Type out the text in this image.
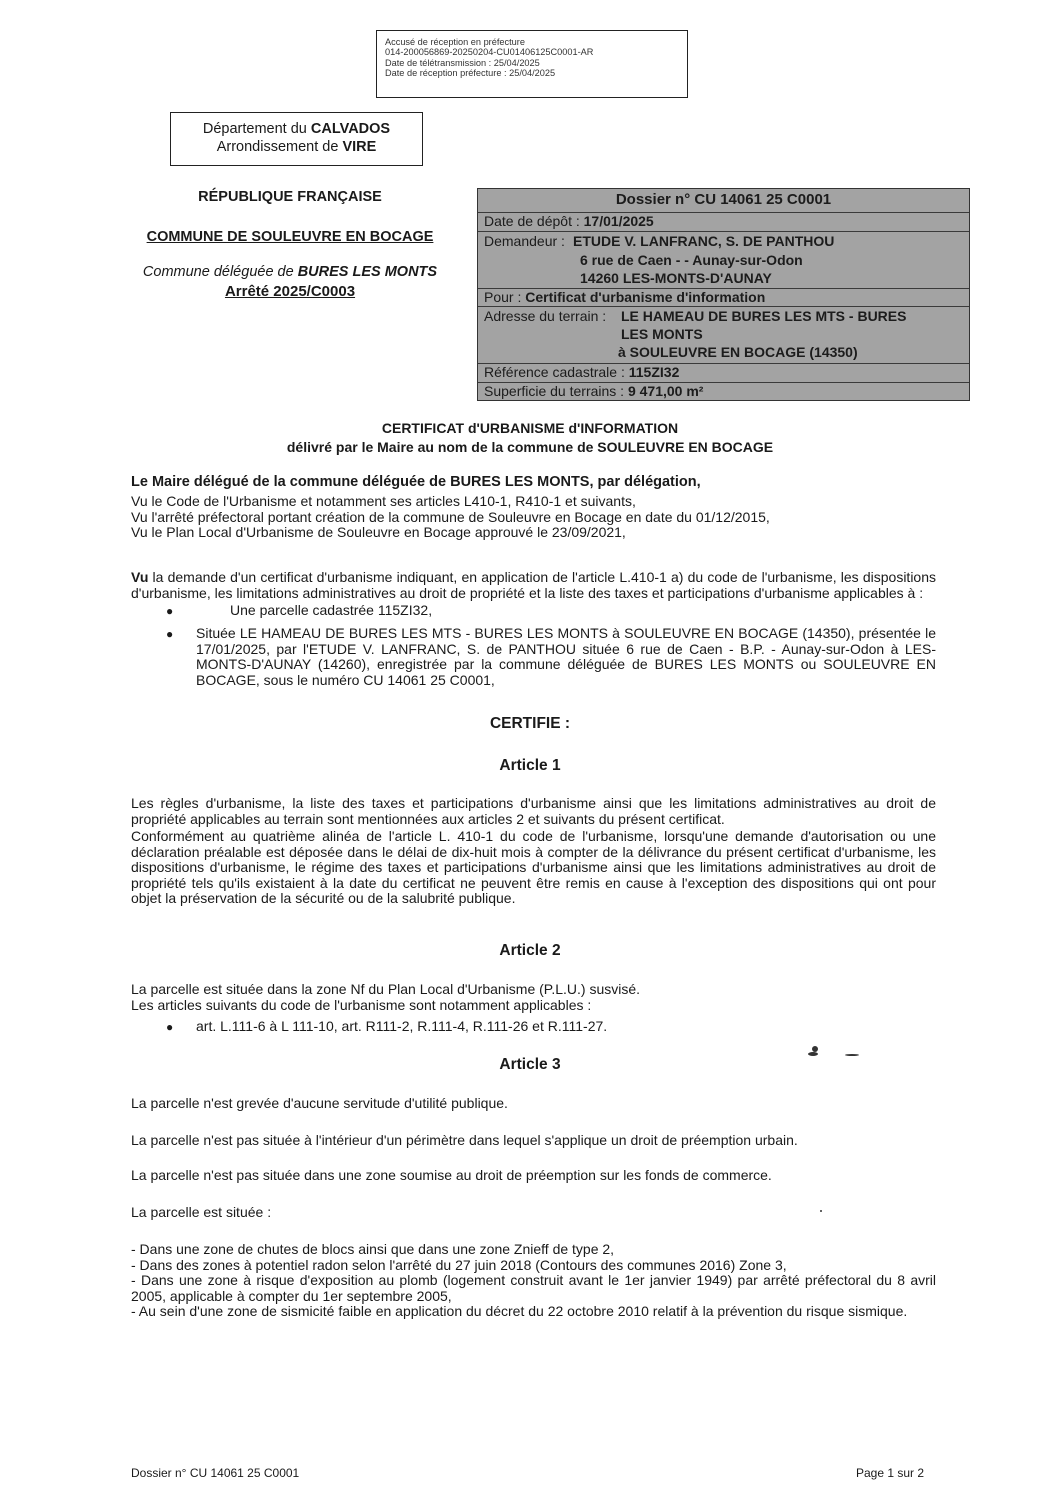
Accusé de réception en préfecture
014-200056869-20250204-CU01406125C0001-AR
Date de télétransmission : 25/04/2025
Date de réception préfecture : 25/04/2025
Département du CALVADOS
Arrondissement de VIRE
RÉPUBLIQUE FRANÇAISE
COMMUNE DE SOULEUVRE EN BOCAGE
Commune déléguée de BURES LES MONTS
Arrêté 2025/C0003
Dossier n° CU 14061 25 C0001
Date de dépôt : 17/01/2025
Demandeur : ETUDE V. LANFRANC, S. DE PANTHOU
6 rue de Caen - - Aunay-sur-Odon
14260 LES-MONTS-D'AUNAY
Pour : Certificat d'urbanisme d'information
Adresse du terrain : LE HAMEAU DE BURES LES MTS - BURES
LES MONTS
à SOULEUVRE EN BOCAGE (14350)
Référence cadastrale : 115ZI32
Superficie du terrains : 9 471,00 m²
CERTIFICAT d'URBANISME d'INFORMATION
délivré par le Maire au nom de la commune de SOULEUVRE EN BOCAGE
Le Maire délégué de la commune déléguée de BURES LES MONTS, par délégation,
Vu le Code de l'Urbanisme et notamment ses articles L410-1, R410-1 et suivants,
Vu l'arrêté préfectoral portant création de la commune de Souleuvre en Bocage en date du 01/12/2015,
Vu le Plan Local d'Urbanisme de Souleuvre en Bocage approuvé le 23/09/2021,
Vu la demande d'un certificat d'urbanisme indiquant, en application de l'article L.410-1 a) du code de l'urbanisme, les dispositions d'urbanisme, les limitations administratives au droit de propriété et la liste des taxes et participations d'urbanisme applicables à :
●	Une parcelle cadastrée 115ZI32,
● Située LE HAMEAU DE BURES LES MTS - BURES LES MONTS à SOULEUVRE EN BOCAGE (14350), présentée le 17/01/2025, par l'ETUDE V. LANFRANC, S. de PANTHOU située 6 rue de Caen - B.P. - Aunay-sur-Odon à LES-MONTS-D'AUNAY (14260), enregistrée par la commune déléguée de BURES LES MONTS ou SOULEUVRE EN BOCAGE, sous le numéro CU 14061 25 C0001,
CERTIFIE :
Article 1
Les règles d'urbanisme, la liste des taxes et participations d'urbanisme ainsi que les limitations administratives au droit de propriété applicables au terrain sont mentionnées aux articles 2 et suivants du présent certificat.
Conformément au quatrième alinéa de l'article L. 410-1 du code de l'urbanisme, lorsqu'une demande d'autorisation ou une déclaration préalable est déposée dans le délai de dix-huit mois à compter de la délivrance du présent certificat d'urbanisme, les dispositions d'urbanisme, le régime des taxes et participations d'urbanisme ainsi que les limitations administratives au droit de propriété tels qu'ils existaient à la date du certificat ne peuvent être remis en cause à l'exception des dispositions qui ont pour objet la préservation de la sécurité ou de la salubrité publique.
Article 2
La parcelle est située dans la zone Nf du Plan Local d'Urbanisme (P.L.U.) susvisé.
Les articles suivants du code de l'urbanisme sont notamment applicables :
● art. L.111-6 à L 111-10, art. R111-2, R.111-4, R.111-26 et R.111-27.
Article 3
La parcelle n'est grevée d'aucune servitude d'utilité publique.
La parcelle n'est pas située à l'intérieur d'un périmètre dans lequel s'applique un droit de préemption urbain.
La parcelle n'est pas située dans une zone soumise au droit de préemption sur les fonds de commerce.
La parcelle est située :
- Dans une zone de chutes de blocs ainsi que dans une zone Znieff de type 2,
- Dans des zones à potentiel radon selon l'arrêté du 27 juin 2018 (Contours des communes 2016) Zone 3,
- Dans une zone à risque d'exposition au plomb (logement construit avant le 1er janvier 1949) par arrêté préfectoral du 8 avril 2005, applicable à compter du 1er septembre 2005,
- Au sein d'une zone de sismicité faible en application du décret du 22 octobre 2010 relatif à la prévention du risque sismique.
Dossier n° CU 14061 25 C0001	Page 1 sur 2
